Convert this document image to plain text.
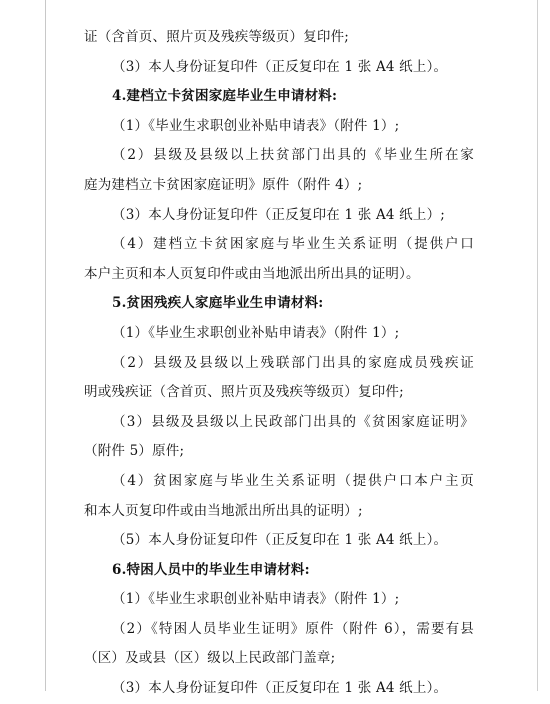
证（含首页、照片页及残疾等级页）复印件;
（3）本人身份证复印件（正反复印在 1 张 A4 纸上）。
4.建档立卡贫困家庭毕业生申请材料:
（1）《毕业生求职创业补贴申请表》（附件 1）;
（2）县级及县级以上扶贫部门出具的《毕业生所在家
庭为建档立卡贫困家庭证明》原件（附件 4）;
（3）本人身份证复印件（正反复印在 1 张 A4 纸上）;
（4）建档立卡贫困家庭与毕业生关系证明（提供户口
本户主页和本人页复印件或由当地派出所出具的证明）。
5.贫困残疾人家庭毕业生申请材料:
（1）《毕业生求职创业补贴申请表》（附件 1）;
（2）县级及县级以上残联部门出具的家庭成员残疾证
明或残疾证（含首页、照片页及残疾等级页）复印件;
（3）县级及县级以上民政部门出具的《贫困家庭证明》
（附件 5）原件;
（4）贫困家庭与毕业生关系证明（提供户口本户主页
和本人页复印件或由当地派出所出具的证明）;
（5）本人身份证复印件（正反复印在 1 张 A4 纸上）。
6.特困人员中的毕业生申请材料:
（1）《毕业生求职创业补贴申请表》（附件 1）;
（2）《特困人员毕业生证明》原件（附件 6），需要有县
（区）及或县（区）级以上民政部门盖章;
（3）本人身份证复印件（正反复印在 1 张 A4 纸上）。
